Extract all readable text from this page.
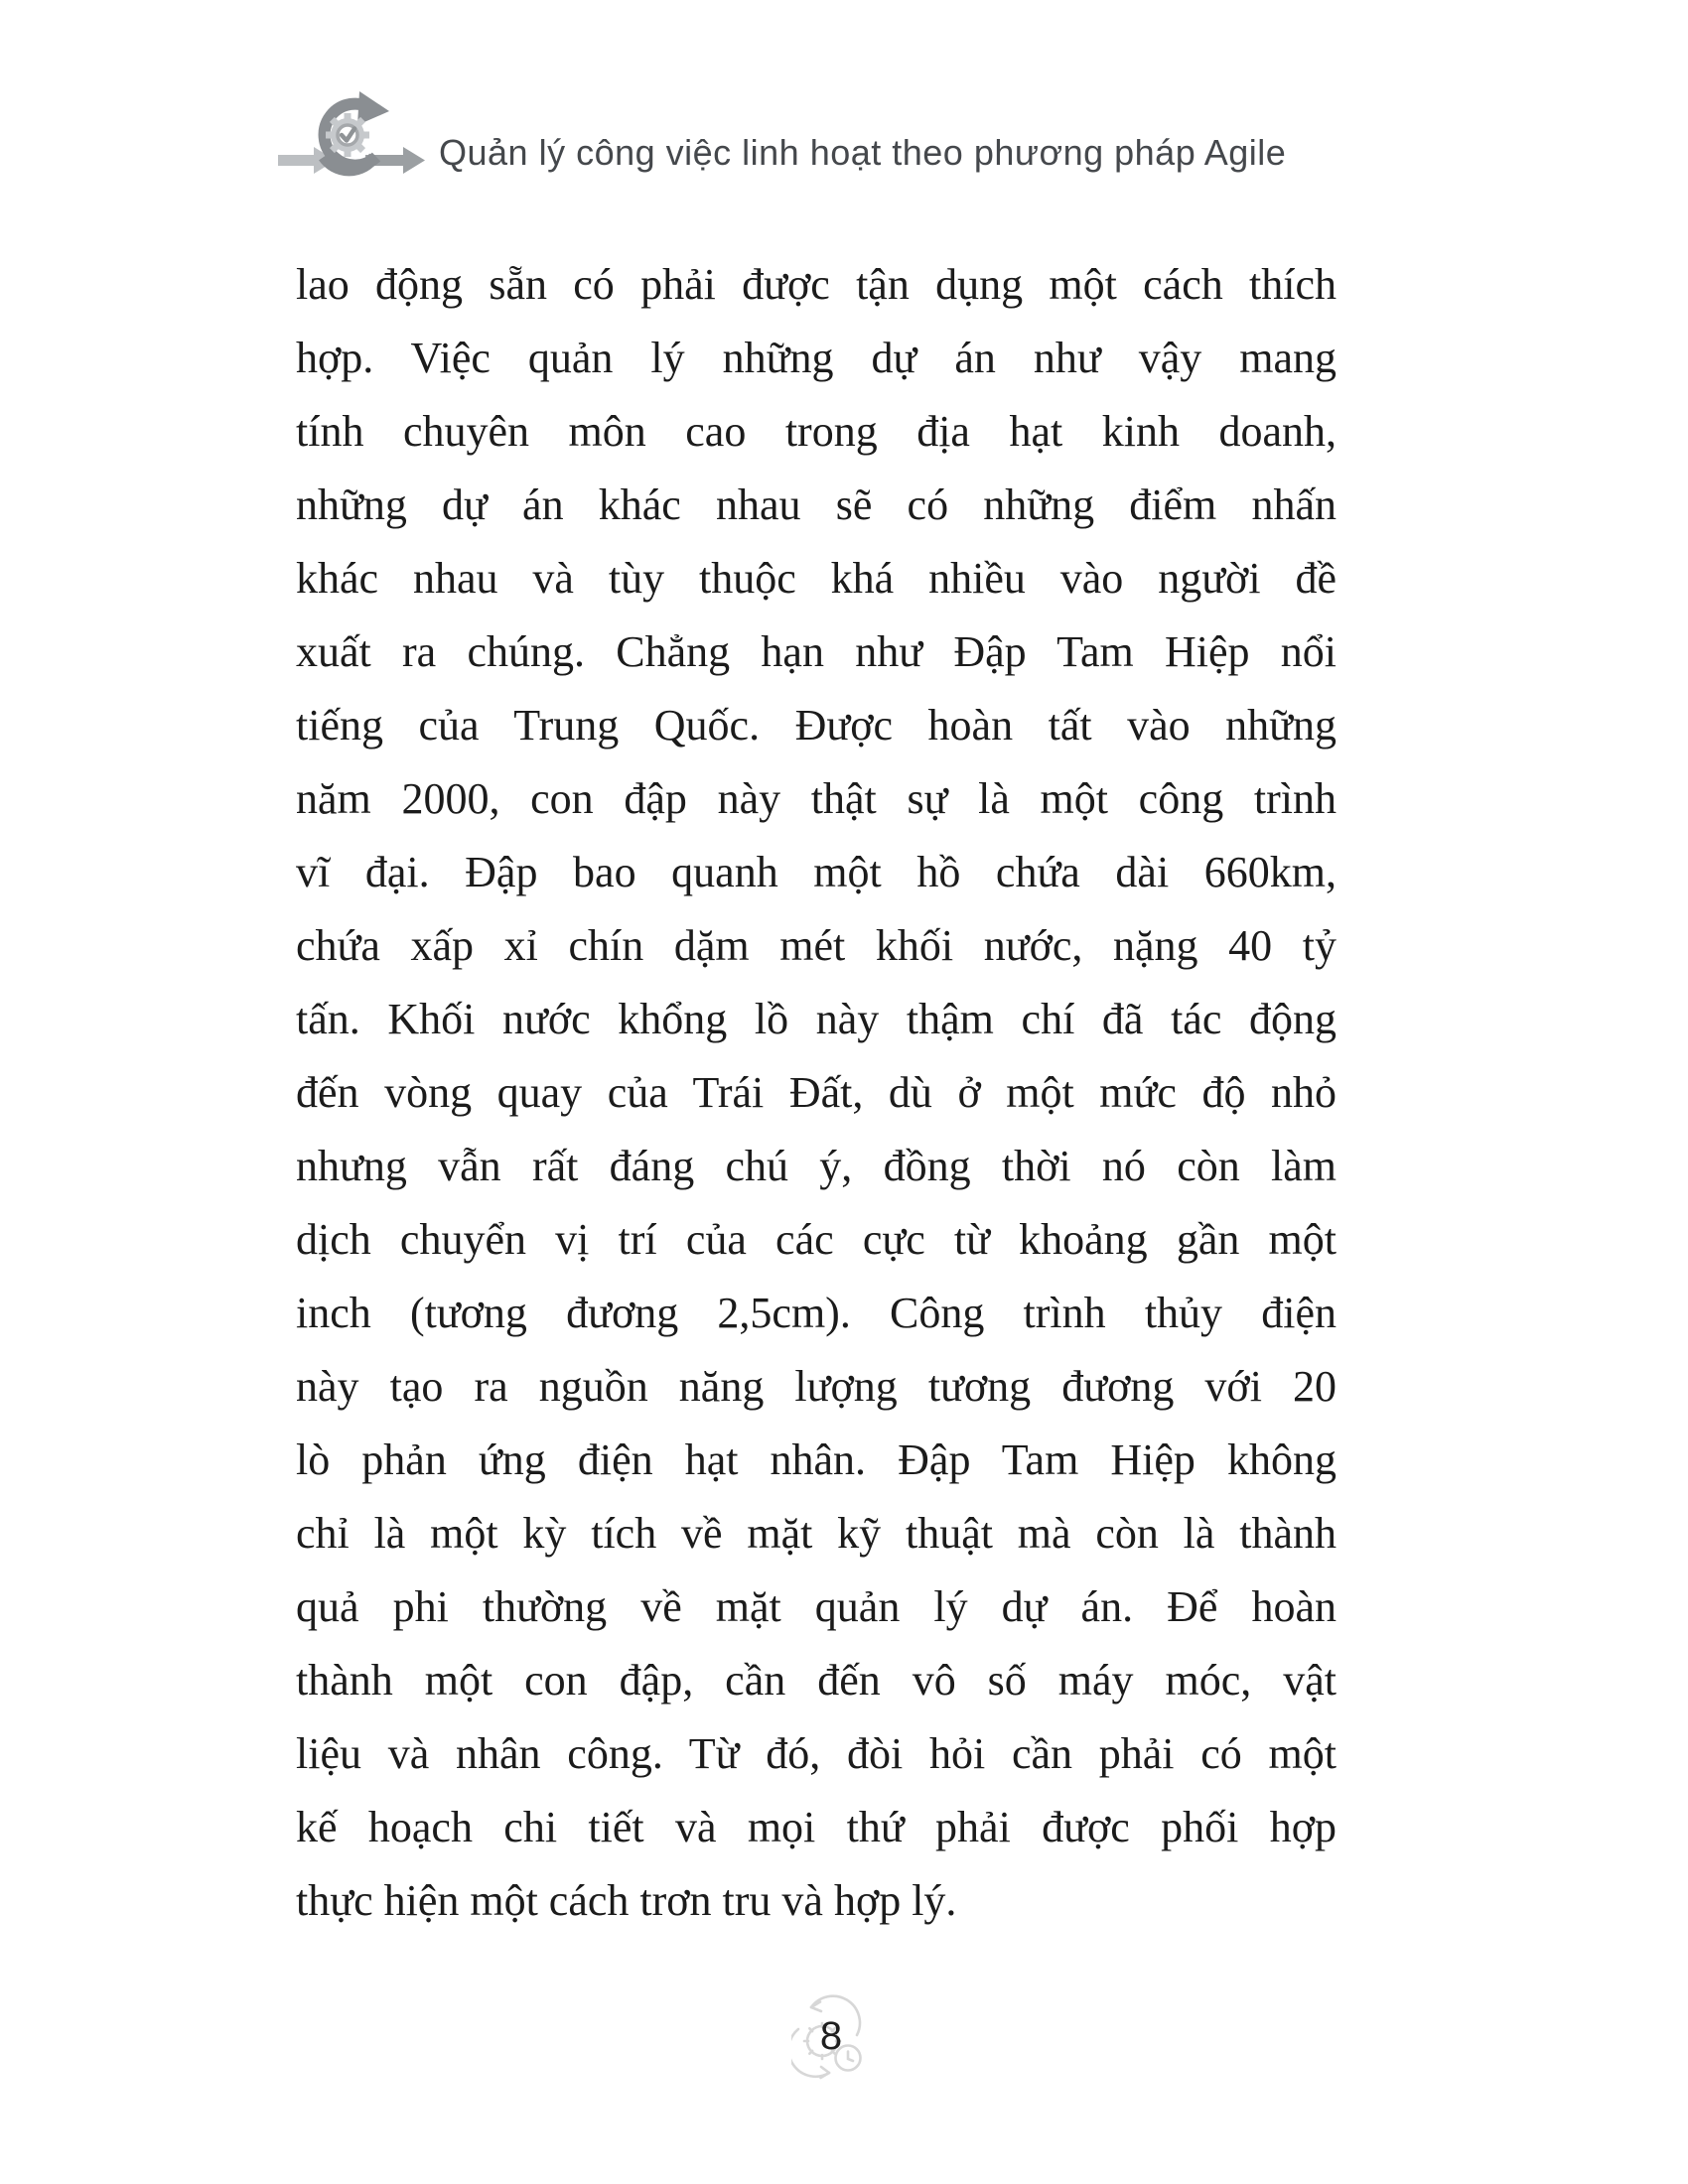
Quản lý công việc linh hoạt theo phương pháp Agile
lao động sẵn có phải được tận dụng một cách thích
hợp. Việc quản lý những dự án như vậy mang
tính chuyên môn cao trong địa hạt kinh doanh,
những dự án khác nhau sẽ có những điểm nhấn
khác nhau và tùy thuộc khá nhiều vào người đề
xuất ra chúng. Chẳng hạn như Đập Tam Hiệp nổi
tiếng của Trung Quốc. Được hoàn tất vào những
năm 2000, con đập này thật sự là một công trình
vĩ đại. Đập bao quanh một hồ chứa dài 660km,
chứa xấp xỉ chín dặm mét khối nước, nặng 40 tỷ
tấn. Khối nước khổng lồ này thậm chí đã tác động
đến vòng quay của Trái Đất, dù ở một mức độ nhỏ
nhưng vẫn rất đáng chú ý, đồng thời nó còn làm
dịch chuyển vị trí của các cực từ khoảng gần một
inch (tương đương 2,5cm). Công trình thủy điện
này tạo ra nguồn năng lượng tương đương với 20
lò phản ứng điện hạt nhân. Đập Tam Hiệp không
chỉ là một kỳ tích về mặt kỹ thuật mà còn là thành
quả phi thường về mặt quản lý dự án. Để hoàn
thành một con đập, cần đến vô số máy móc, vật
liệu và nhân công. Từ đó, đòi hỏi cần phải có một
kế hoạch chi tiết và mọi thứ phải được phối hợp
thực hiện một cách trơn tru và hợp lý.
8
